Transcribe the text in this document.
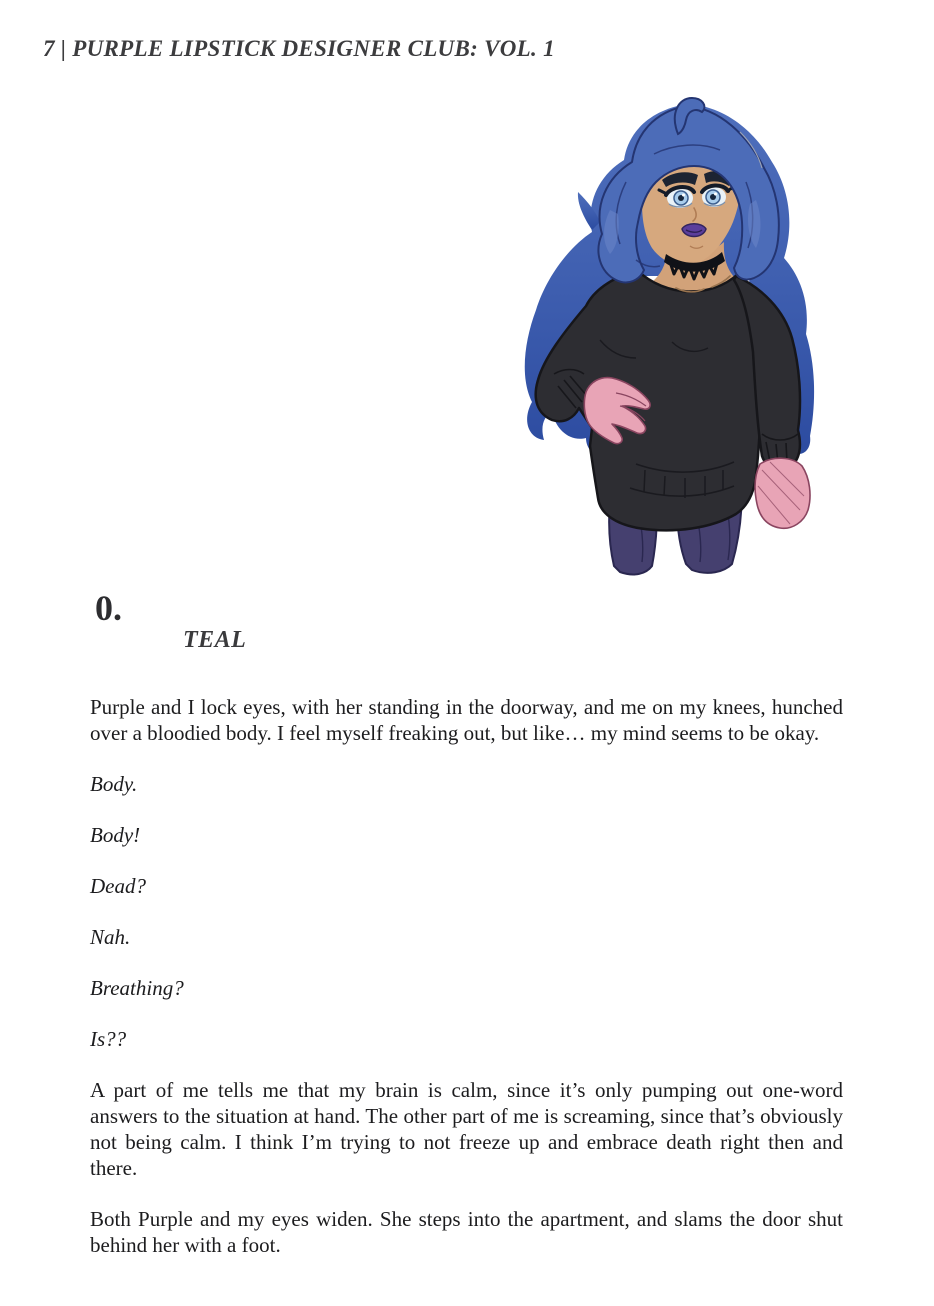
7 | PURPLE LIPSTICK DESIGNER CLUB: VOL. 1
0.
TEAL

Purple and I lock eyes, with her standing in the doorway, and me on my knees, hunched over a bloodied body. I feel myself freaking out, but like… my mind seems to be okay.

Body.

Body!

Dead?

Nah.

Breathing?

Is??

A part of me tells me that my brain is calm, since it’s only pumping out one-word answers to the situation at hand. The other part of me is screaming, since that’s obviously not being calm. I think I’m trying to not freeze up and embrace death right then and there.

Both Purple and my eyes widen. She steps into the apartment, and slams the door shut behind her with a foot.
